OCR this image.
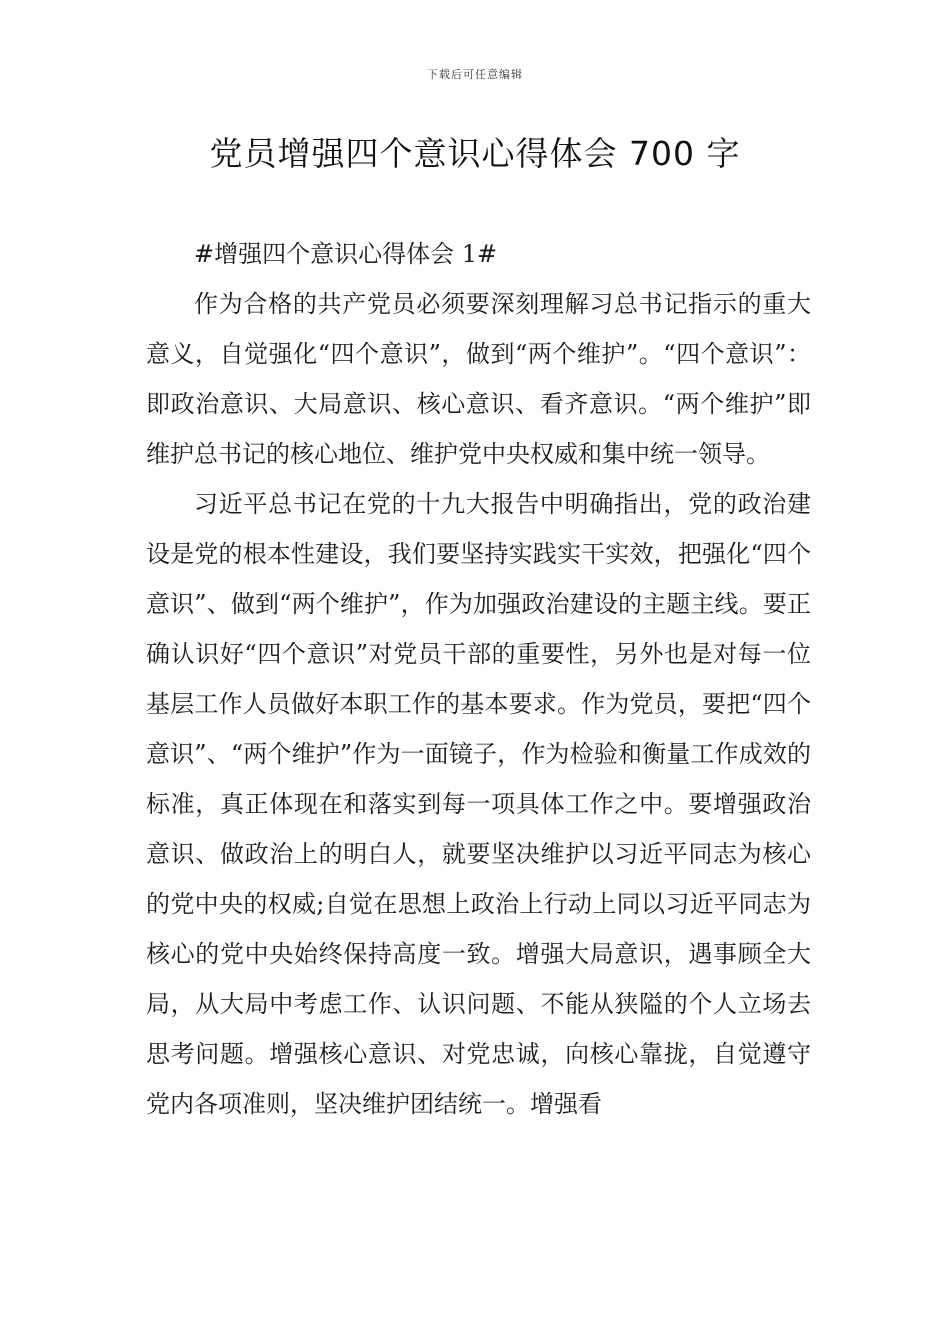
下载后可任意编辑
党员增强四个意识心得体会 700 字
#增强四个意识心得体会 1#

作为合格的共产党员必须要深刻理解习总书记指示的重大意义，自觉强化“四个意识”，做到“两个维护”。“四个意识”：即政治意识、大局意识、核心意识、看齐意识。“两个维护”即维护总书记的核心地位、维护党中央权威和集中统一领导。

习近平总书记在党的十九大报告中明确指出，党的政治建设是党的根本性建设，我们要坚持实践实干实效，把强化“四个意识”、做到“两个维护”，作为加强政治建设的主题主线。要正确认识好“四个意识”对党员干部的重要性，另外也是对每一位基层工作人员做好本职工作的基本要求。作为党员，要把“四个意识”、“两个维护”作为一面镜子，作为检验和衡量工作成效的标准，真正体现在和落实到每一项具体工作之中。要增强政治意识、做政治上的明白人，就要坚决维护以习近平同志为核心的党中央的权威;自觉在思想上政治上行动上同以习近平同志为核心的党中央始终保持高度一致。增强大局意识，遇事顾全大局，从大局中考虑工作、认识问题、不能从狭隘的个人立场去思考问题。增强核心意识、对党忠诚，向核心靠拢，自觉遵守党内各项准则，坚决维护团结统一。增强看
